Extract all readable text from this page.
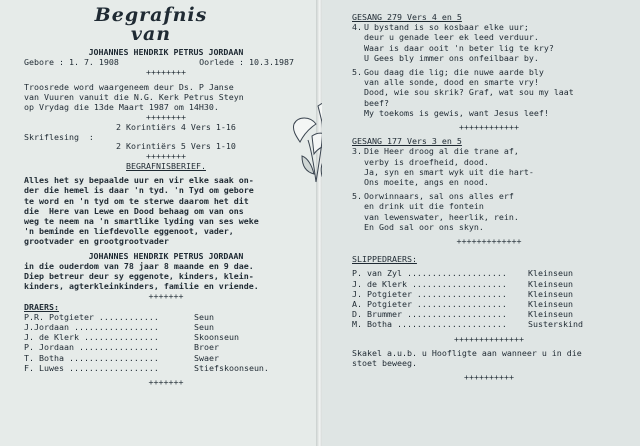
Begrafnis
van
JOHANNES HENDRIK PETRUS JORDAAN
Gebore : 1. 7. 1908	Oorlede : 10.3.1987
++++++++
Troosrede word waargeneem deur Ds. P Janse
van Vuuren vanuit die N.G. Kerk Petrus Steyn
op Vrydag die 13de Maart 1987 om 14H30.
++++++++
Skriflesing  :
2 Korintiërs 4 Vers 1-16
2 Korintiërs 5 Vers 1-10
++++++++
BEGRAFNISBERIEF.
Alles het sy bepaalde uur en vir elke saak on-
der die hemel is daar 'n tyd. 'n Tyd om gebore
te word en 'n tyd om te sterwe daarom het dit
die  Here van Lewe en Dood behaag om van ons
weg te neem na 'n smartlike lyding van ses weke
'n beminde en liefdevolle eggenoot, vader,
grootvader en grootgrootvader
JOHANNES HENDRIK PETRUS JORDAAN
in die ouderdom van 78 jaar 8 maande en 9 dae.
Diep betreur deur sy eggenote, kinders, klein-
kinders, agterkleinkinders, familie en vriende.
+++++++
DRAERS:
P.R. Potgieter ............	Seun
J.Jordaan .................	Seun
J. de Klerk ...............	Skoonseun
P. Jordaan ................	Broer
T. Botha ..................	Swaer
F. Luwes ..................	Stiefskoonseun.
+++++++
GESANG 279 Vers 4 en 5
4. U bystand is so kosbaar elke uur;
deur u genade leer ek leed verduur.
Waar is daar ooit 'n beter lig te kry?
U Gees bly immer ons onfeilbaar by.
5. Gou daag die lig; die nuwe aarde bly
van alle sonde, dood en smarte vry!
Dood, wie sou skrik? Graf, wat sou my laat
beef?
My toekoms is gewis, want Jesus leef!
++++++++++++
GESANG 177 Vers 3 en 5
3. Die Heer droog al die trane af,
verby is droefheid, dood.
Ja, syn en smart wyk uit die hart-
Ons moeite, angs en nood.
5. Oorwinnaars, sal ons alles erf
en drink uit die fontein
van lewenswater, heerlik, rein.
En God sal oor ons skyn.
+++++++++++++
SLIPPEDRAERS:
P. van Zyl ....................	Kleinseun
J. de Klerk ...................	Kleinseun
J. Potgieter ..................	Kleinseun
A. Potgieter ..................	Kleinseun
D. Brummer ....................	Kleinseun
M. Botha ......................	Susterskind
++++++++++++++
Skakel a.u.b. u Hoofligte aan wanneer u in die
stoet beweeg.
++++++++++
